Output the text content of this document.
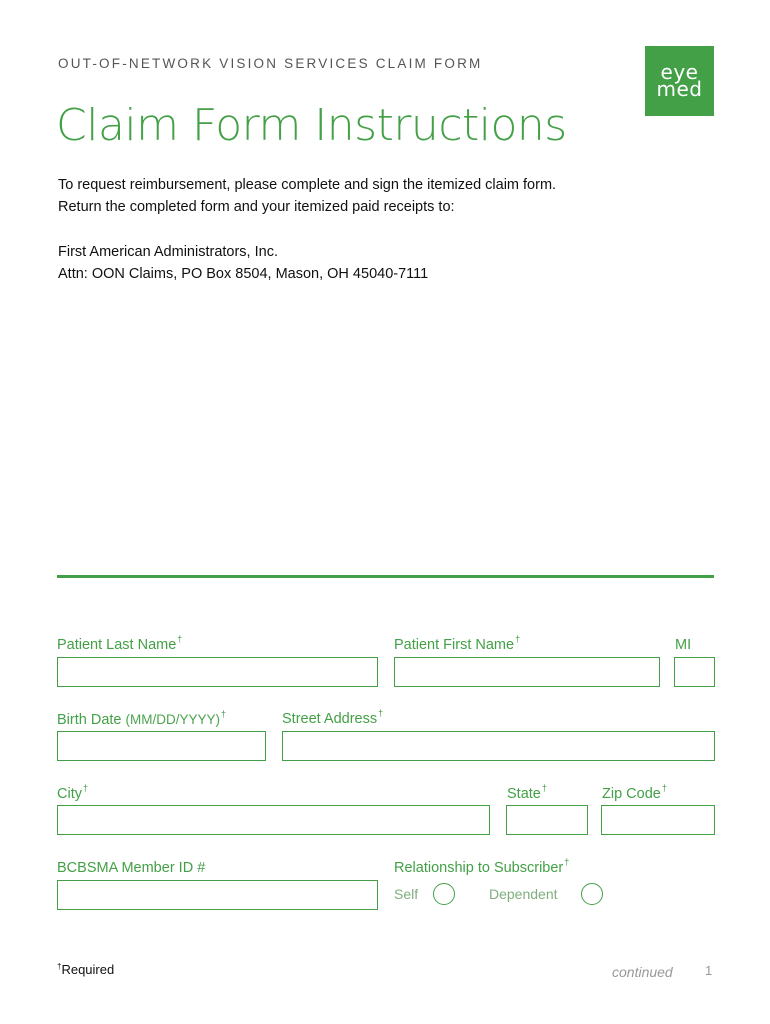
OUT-OF-NETWORK VISION SERVICES CLAIM FORM	eye
med
Claim Form Instructions
To request reimbursement, please complete and sign the itemized claim form.
Return the completed form and your itemized paid receipts to:
First American Administrators, Inc.
Attn: OON Claims, PO Box 8504, Mason, OH 45040-7111
Patient Last Name†	Patient First Name†	MI
Birth Date (MM/DD/YYYY)†	Street Address†
City†	State†	Zip Code†
BCBSMA Member ID #	Relationship to Subscriber†
Self	Dependent
†Required	continued 1
